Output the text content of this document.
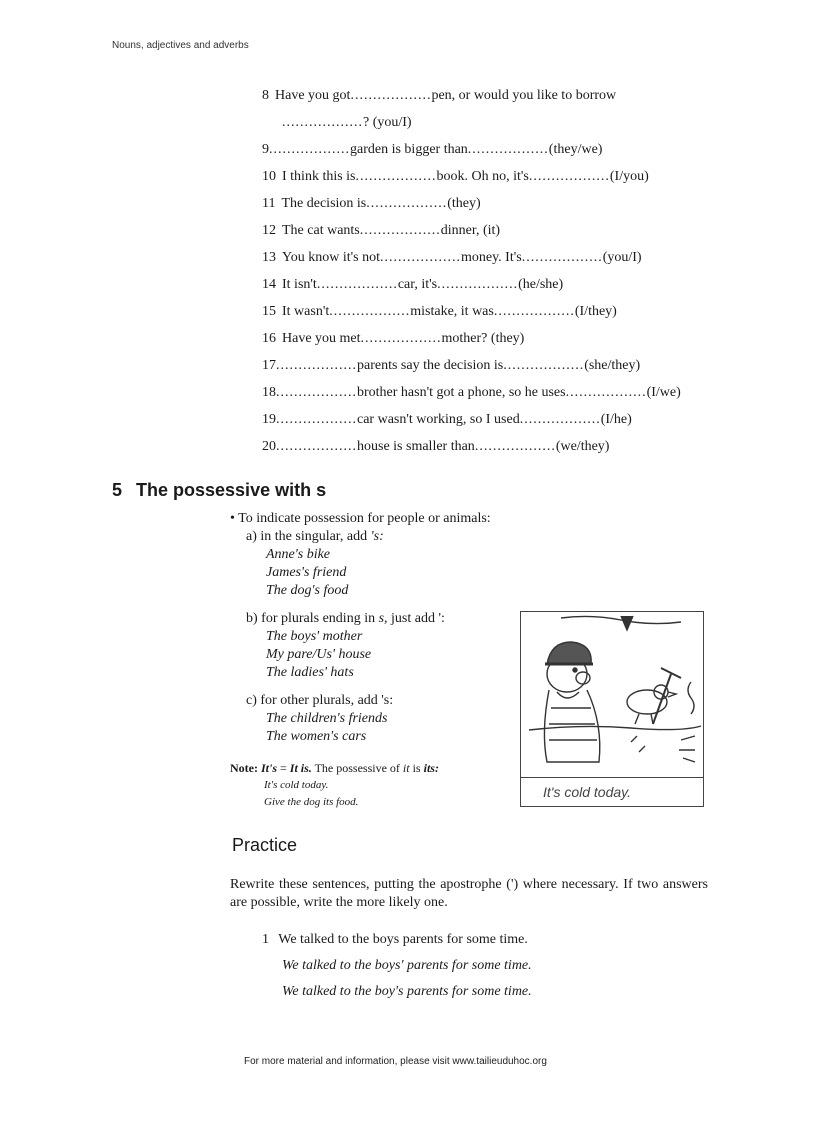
Nouns, adjectives and adverbs
8 Have you got..................pen, or would you like to borrow
..................? (you/I)
9..................garden is bigger than..................(they/we)
10 I think this is..................book. Oh no, it's..................(I/you)
11 The decision is..................(they)
12 The cat wants..................dinner, (it)
13 You know it's not..................money. It's..................(you/I)
14 It isn't..................car, it's..................(he/she)
15 It wasn't..................mistake, it was..................(I/they)
16 Have you met..................mother? (they)
17..................parents say the decision is..................(she/they)
18..................brother hasn't got a phone, so he uses..................(I/we)
19..................car wasn't working, so I used..................(I/he)
20..................house is smaller than..................(we/they)
5 The possessive with s
• To indicate possession for people or animals:
a) in the singular, add 's:
Anne's bike
James's friend
The dog's food
b) for plurals ending in s, just add ':
The boys' mother
My pare/Us' house
The ladies' hats
c) for other plurals, add 's:
The children's friends
The women's cars
Note: It's = It is. The possessive of it is its:
It's cold today.
Give the dog its food.
It's cold today.
Practice
Rewrite these sentences, putting the apostrophe (') where necessary. If two answers are possible, write the more likely one.
1 We talked to the boys parents for some time.
We talked to the boys' parents for some time.
We talked to the boy's parents for some time.
For more material and information, please visit www.tailieuduhoc.org
